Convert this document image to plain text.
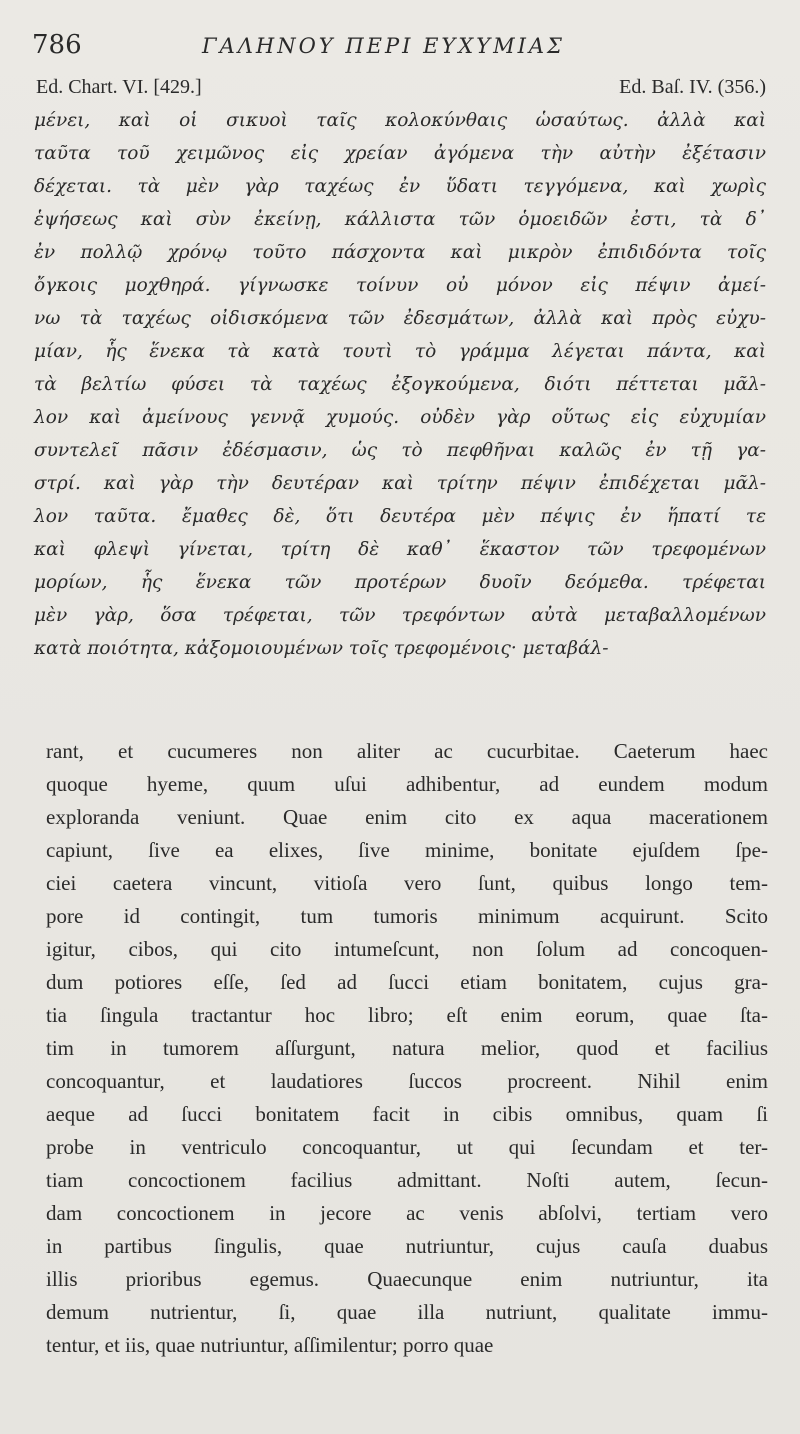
786	ΓΑΛΗΝΟΥ ΠΕΡΙ ΕΥΧΥΜΙΑΣ
Ed. Chart. VI. [429.]	Ed. Baſ. IV. (356.)
μένει, καὶ οἱ σικυοὶ ταῖς κολοκύνθαις ὡσαύτως. ἀλλὰ καὶ
ταῦτα τοῦ χειμῶνος εἰς χρείαν ἀγόμενα τὴν αὐτὴν ἐξέτασιν
δέχεται. τὰ μὲν γὰρ ταχέως ἐν ὕδατι τεγγόμενα, καὶ χωρὶς
ἑψήσεως καὶ σὺν ἐκείνῃ, κάλλιστα τῶν ὁμοειδῶν ἐστι, τὰ δ᾽
ἐν πολλῷ χρόνῳ τοῦτο πάσχοντα καὶ μικρὸν ἐπιδιδόντα τοῖς
ὄγκοις μοχθηρά. γίγνωσκε τοίνυν οὐ μόνον εἰς πέψιν ἀμεί-
νω τὰ ταχέως οἰδισκόμενα τῶν ἐδεσμάτων, ἀλλὰ καὶ πρὸς εὐχυ-
μίαν, ἧς ἕνεκα τὰ κατὰ τουτὶ τὸ γράμμα λέγεται πάντα, καὶ
τὰ βελτίω φύσει τὰ ταχέως ἐξογκούμενα, διότι πέττεται μᾶλ-
λον καὶ ἀμείνους γεννᾷ χυμούς. οὐδὲν γὰρ οὕτως εἰς εὐχυμίαν
συντελεῖ πᾶσιν ἐδέσμασιν, ὡς τὸ πεφθῆναι καλῶς ἐν τῇ γα-
στρί. καὶ γὰρ τὴν δευτέραν καὶ τρίτην πέψιν ἐπιδέχεται μᾶλ-
λον ταῦτα. ἔμαθες δὲ, ὅτι δευτέρα μὲν πέψις ἐν ἥπατί τε
καὶ φλεψὶ γίνεται, τρίτη δὲ καθ᾽ ἕκαστον τῶν τρεφομένων
μορίων, ἧς ἕνεκα τῶν προτέρων δυοῖν δεόμεθα. τρέφεται
μὲν γὰρ, ὅσα τρέφεται, τῶν τρεφόντων αὐτὰ μεταβαλλομένων
κατὰ ποιότητα, κἀξομοιουμένων τοῖς τρεφομένοις· μεταβάλ-
rant, et cucumeres non aliter ac cucurbitae. Caeterum haec
quoque hyeme, quum uſui adhibentur, ad eundem modum
exploranda veniunt. Quae enim cito ex aqua macerationem
capiunt, ſive ea elixes, ſive minime, bonitate ejuſdem ſpe-
ciei caetera vincunt, vitioſa vero ſunt, quibus longo tem-
pore id contingit, tum tumoris minimum acquirunt. Scito
igitur, cibos, qui cito intumeſcunt, non ſolum ad concoquen-
dum potiores eſſe, ſed ad ſucci etiam bonitatem, cujus gra-
tia ſingula tractantur hoc libro; eſt enim eorum, quae ſta-
tim in tumorem aſſurgunt, natura melior, quod et facilius
concoquantur, et laudatiores ſuccos procreent. Nihil enim
aeque ad ſucci bonitatem facit in cibis omnibus, quam ſi
probe in ventriculo concoquantur, ut qui ſecundam et ter-
tiam concoctionem facilius admittant. Noſti autem, ſecun-
dam concoctionem in jecore ac venis abſolvi, tertiam vero
in partibus ſingulis, quae nutriuntur, cujus cauſa duabus
illis prioribus egemus. Quaecunque enim nutriuntur, ita
demum nutrientur, ſi, quae illa nutriunt, qualitate immu-
tentur, et iis, quae nutriuntur, aſſimilentur; porro quae
